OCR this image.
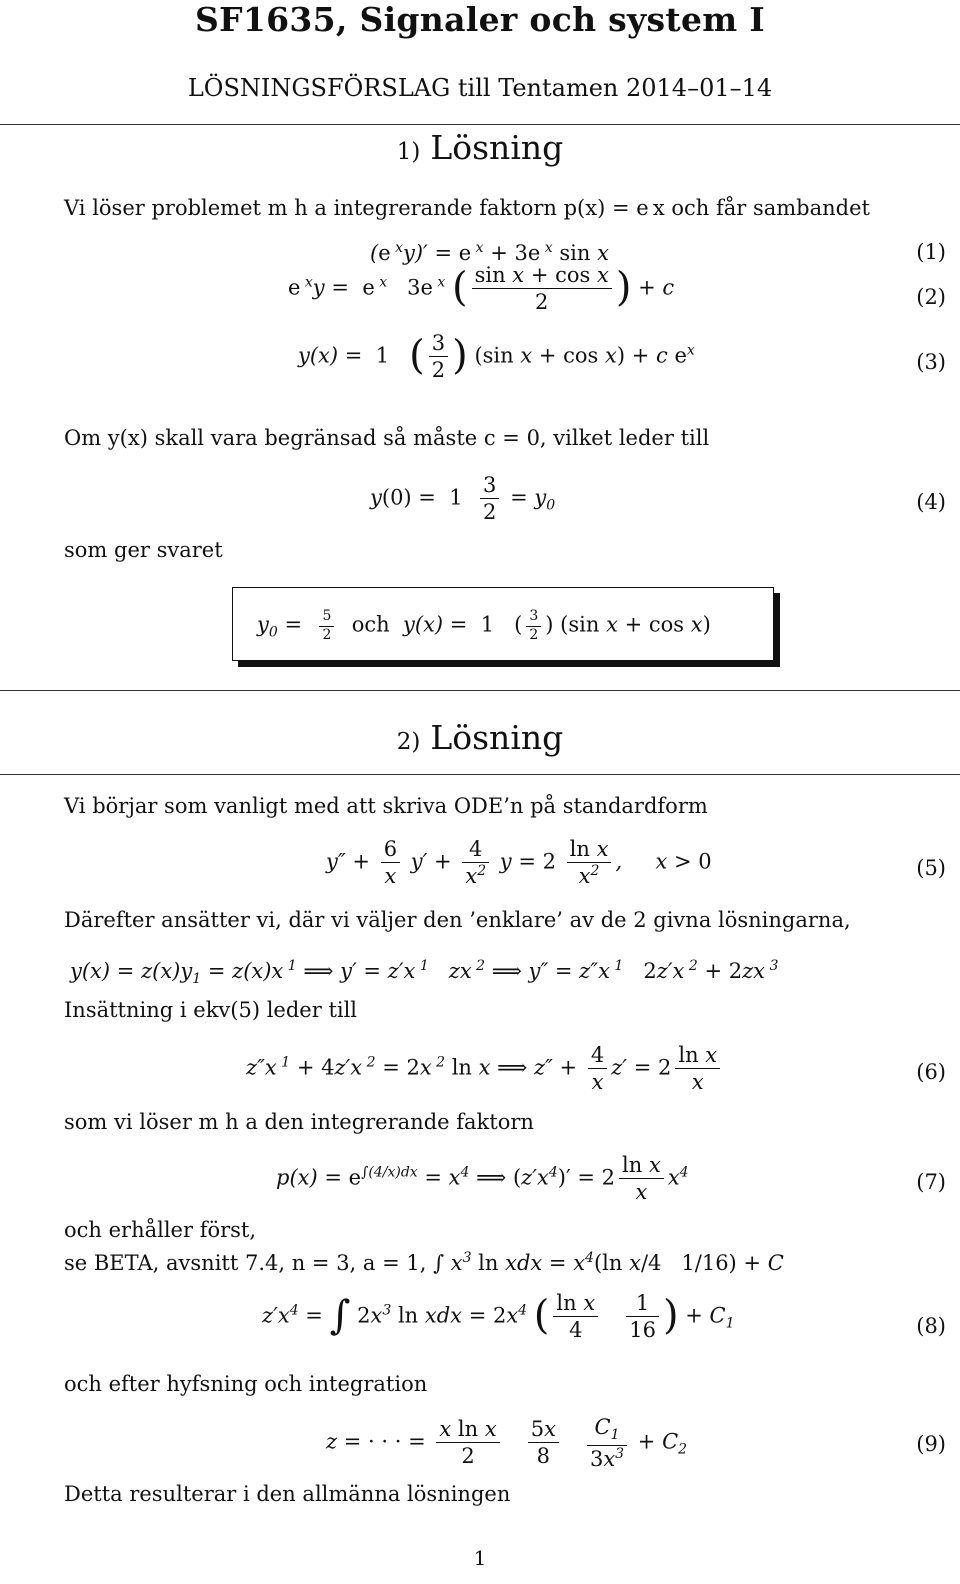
SF1635, Signaler och system I
LÖSNINGSFÖRSLAG till Tentamen 2014–01–14
1) Lösning
Vi löser problemet m h a integrerande faktorn p(x) = e x och får sambandet
(e $^x$y)′ = e $^x$ + 3e $^x$ sin x	(1)
e $^x$y = e $^x$ 3e $^x$ ( $\frac{\text{sin x + cos x}}{2}$ ) + c	(2)
y(x) = 1 ( $\frac{3}{2}$ ) (sin x + cos x) + c $e^x$	(3)
Om y(x) skall vara begränsad så måste c = 0, vilket leder till
$y(0) = 1 \frac{3}{2} = y_0$	(4)
som ger svaret
$y_0 = \frac{5}{2}$ och  y(x) = 1 ( $\frac{3}{2}$ ) (sin x + cos x)
2) Lösning
Vi börjar som vanligt med att skriva ODE’n på standardform
$y'' + \frac{6}{x} y' + \frac{4}{x^2}$ $y = 2 \frac{\text{ln x}}{x^2}$ ,     x > 0	(5)
Därefter ansätter vi, där vi väljer den ’enklare’ av de 2 givna lösningarna,
$y(x) = z(x)y_1 = z(x)x$ $^1$ ⟹ y′ = z′x $^1$   zx $^2$ ⟹ y″ = z″x $^1$ 2z′x $^2$ + 2zx $^3$
Insättning i ekv(5) leder till
z″x $^1$ + 4z′x $^2$ = 2x $^2$ ln x ⟹ $z'' + \frac{4}{x} z' = 2 \frac{\text{ln x}}{x}$	(6)
som vi löser m h a den integrerande faktorn
$p(x) = e^{\int(4/x)dx} = x^4$ ⟹ $(z'x^4)' = 2 \frac{\text{ln x}}{x} x^4$	(7)
och erhåller först,
se BETA, avsnitt 7.4, n = 3, a = 1, ∫ $x^3$ ln xdx = $x^4(\ln$ x/4   1/16) + C
$z'x^4$ = ∫ $2x^3$ ln xdx = $2x^4$ ( $\frac{\text{ln x}}{4}$
$\frac{1}{16}$ ) + $C_1$	(8)
och efter hyfsning och integration
z = · · · = $\frac{\text{x ln x}}{2}$
$\frac{5x}{8}$
$\frac{C_1}{3x^3} + C_2$	(9)
Detta resulterar i den allmänna lösningen
1
